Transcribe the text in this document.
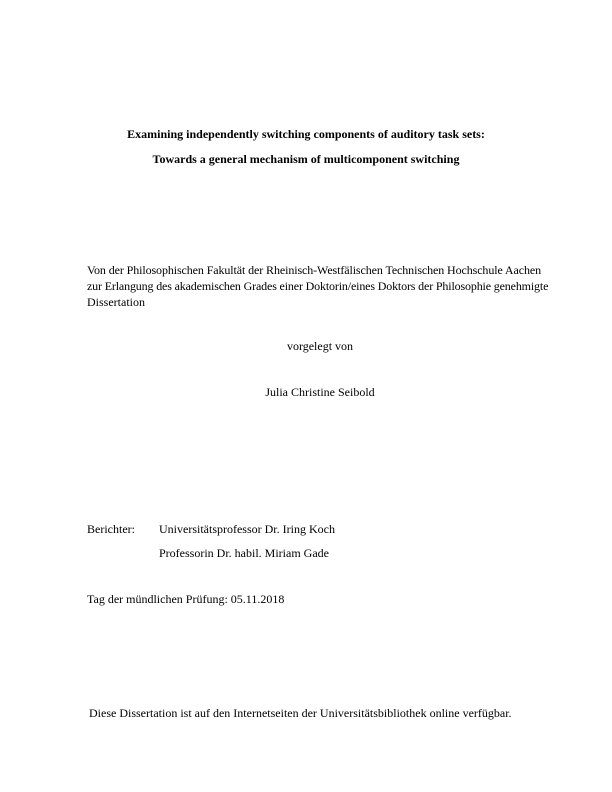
Examining independently switching components of auditory task sets:
Towards a general mechanism of multicomponent switching
Von der Philosophischen Fakultät der Rheinisch-Westfälischen Technischen Hochschule Aachen
zur Erlangung des akademischen Grades einer Doktorin/eines Doktors der Philosophie genehmigte
Dissertation
vorgelegt von
Julia Christine Seibold
Berichter: Universitätsprofessor Dr. Iring Koch
Professorin Dr. habil. Miriam Gade
Tag der mündlichen Prüfung: 05.11.2018
Diese Dissertation ist auf den Internetseiten der Universitätsbibliothek online verfügbar.
